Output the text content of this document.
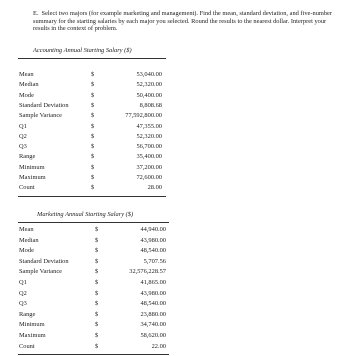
E. Select two majors (for example marketing and management). Find the mean, standard deviation, and five-number summary for the starting salaries by each major you selected. Round the results to the nearest dollar. Interpret your results in the context of problem.
Accounting Annual Starting Salary ($)
Mean	$	53,040.00
Median	$	52,320.00
Mode	$	50,400.00
Standard Deviation	$	8,808.68
Sample Variance	$	77,592,800.00
Q1	$	47,355.00
Q2	$	52,320.00
Q3	$	56,700.00
Range	$	35,400.00
Minimum	$	37,200.00
Maximum	$	72,600.00
Count	$	28.00
Marketing Annual Starting Salary ($)
Mean	$	44,940.00
Median	$	43,980.00
Mode	$	48,540.00
Standard Deviation	$	5,707.56
Sample Variance	$	32,576,228.57
Q1	$	41,865.00
Q2	$	43,980.00
Q3	$	48,540.00
Range	$	23,880.00
Minimum	$	34,740.00
Maximum	$	58,620.00
Count	$	22.00
